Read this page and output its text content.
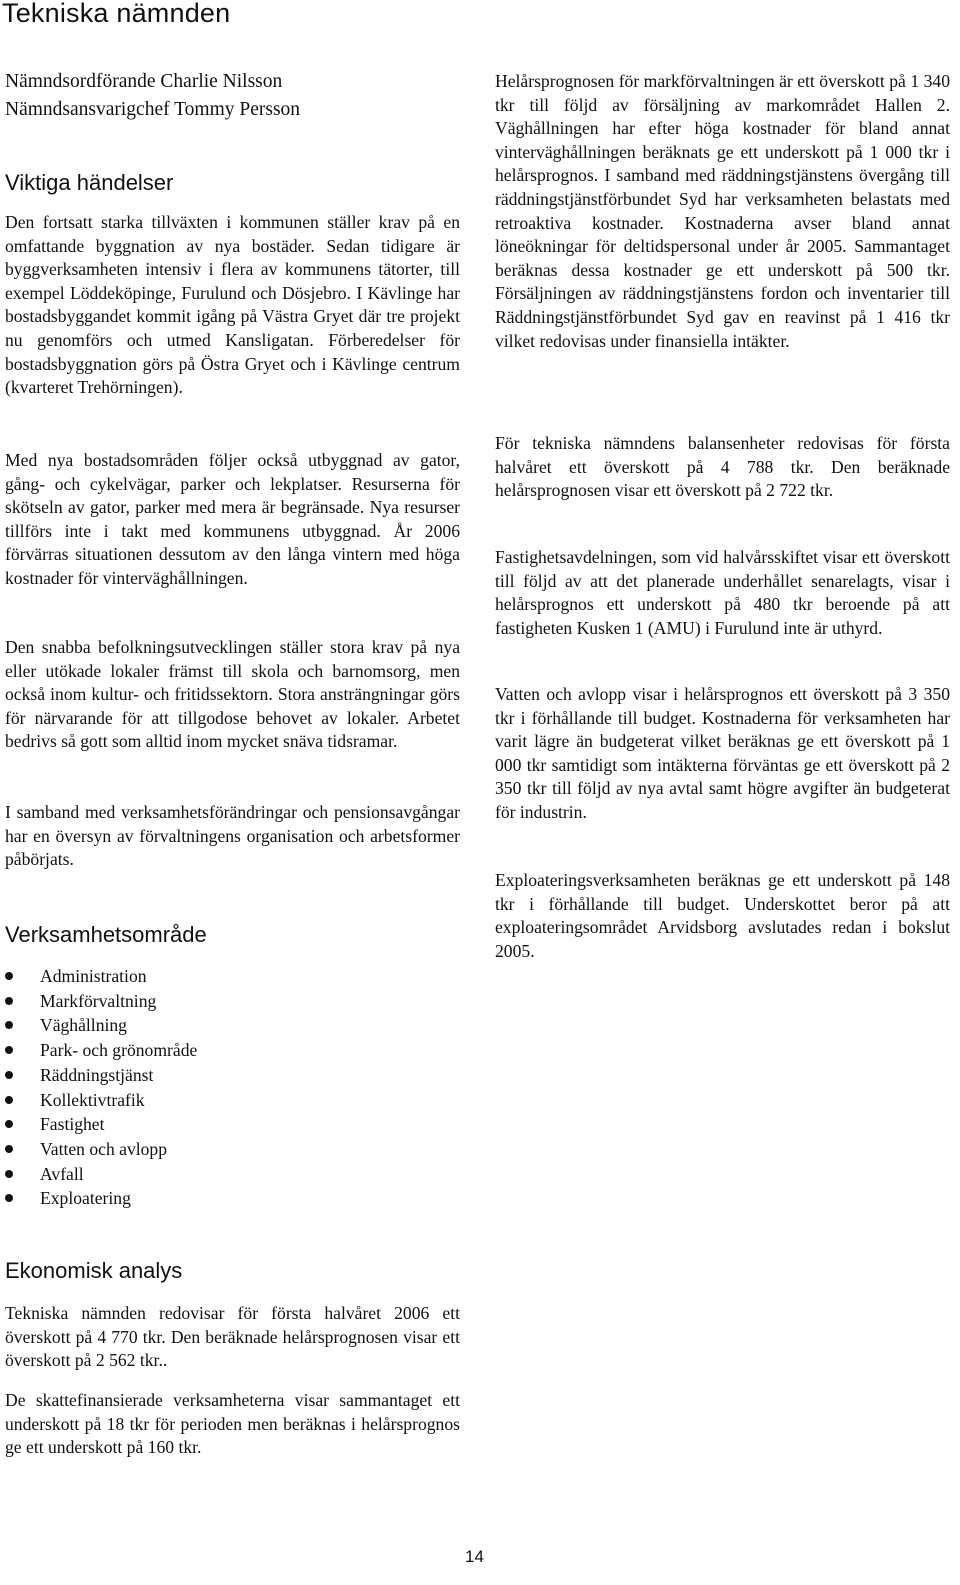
Tekniska nämnden

Nämndsordförande Charlie Nilsson

Nämndsansvarigchef Tommy Persson

Viktiga händelser

Den fortsatt starka tillväxten i kommunen ställer krav på en omfattande byggnation av nya bostäder. Sedan tidigare är byggverksamheten intensiv i flera av kommunens tätorter, till exempel Löddeköpinge, Furulund och Dösjebro. I Kävlinge har bostadsbyggandet kommit igång på Västra Gryet där tre projekt nu genomförs och utmed Kansligatan. Förberedelser för bostadsbyggnation görs på Östra Gryet och i Kävlinge centrum (kvarteret Trehörningen).

Med nya bostadsområden följer också utbyggnad av gator, gång- och cykelvägar, parker och lekplatser. Resurserna för skötseln av gator, parker med mera är begränsade. Nya resurser tillförs inte i takt med kommunens utbyggnad. År 2006 förvärras situationen dessutom av den långa vintern med höga kostnader för vinterväghållningen.

Den snabba befolkningsutvecklingen ställer stora krav på nya eller utökade lokaler främst till skola och barnomsorg, men också inom kultur- och fritidssektorn. Stora ansträngningar görs för närvarande för att tillgodose behovet av lokaler. Arbetet bedrivs så gott som alltid inom mycket snäva tidsramar.

I samband med verksamhetsförändringar och pensionsavgångar har en översyn av förvaltningens organisation och arbetsformer påbörjats.

Verksamhetsområde
Administration
Markförvaltning
Väghållning
Park- och grönområde
Räddningstjänst
Kollektivtrafik
Fastighet
Vatten och avlopp
Avfall
Exploatering
Ekonomisk analys

Tekniska nämnden redovisar för första halvåret 2006 ett överskott på 4 770 tkr. Den beräknade helårsprognosen visar ett överskott på 2 562 tkr..

De skattefinansierade verksamheterna visar sammantaget ett underskott på 18 tkr för perioden men beräknas i helårsprognos ge ett underskott på 160 tkr.

Helårsprognosen för markförvaltningen är ett överskott på 1 340 tkr till följd av försäljning av markområdet Hallen 2. Väghållningen har efter höga kostnader för bland annat vinterväghållningen beräknats ge ett underskott på 1 000 tkr i helårsprognos. I samband med räddningstjänstens övergång till räddningstjänstförbundet Syd har verksamheten belastats med retroaktiva kostnader. Kostnaderna avser bland annat löneökningar för deltidspersonal under år 2005. Sammantaget beräknas dessa kostnader ge ett underskott på 500 tkr. Försäljningen av räddningstjänstens fordon och inventarier till Räddningstjänstförbundet Syd gav en reavinst på 1 416 tkr vilket redovisas under finansiella intäkter.

För tekniska nämndens balansenheter redovisas för första halvåret ett överskott på 4 788 tkr. Den beräknade helårsprognosen visar ett överskott på 2 722 tkr.

Fastighetsavdelningen, som vid halvårsskiftet visar ett överskott till följd av att det planerade underhållet senarelagts, visar i helårsprognos ett underskott på 480 tkr beroende på att fastigheten Kusken 1 (AMU) i Furulund inte är uthyrd.

Vatten och avlopp visar i helårsprognos ett överskott på 3 350 tkr i förhållande till budget. Kostnaderna för verksamheten har varit lägre än budgeterat vilket beräknas ge ett överskott på 1 000 tkr samtidigt som intäkterna förväntas ge ett överskott på 2 350 tkr till följd av nya avtal samt högre avgifter än budgeterat för industrin.

Exploateringsverksamheten beräknas ge ett underskott på 148 tkr i förhållande till budget. Underskottet beror på att exploateringsområdet Arvidsborg avslutades redan i bokslut 2005.

14
